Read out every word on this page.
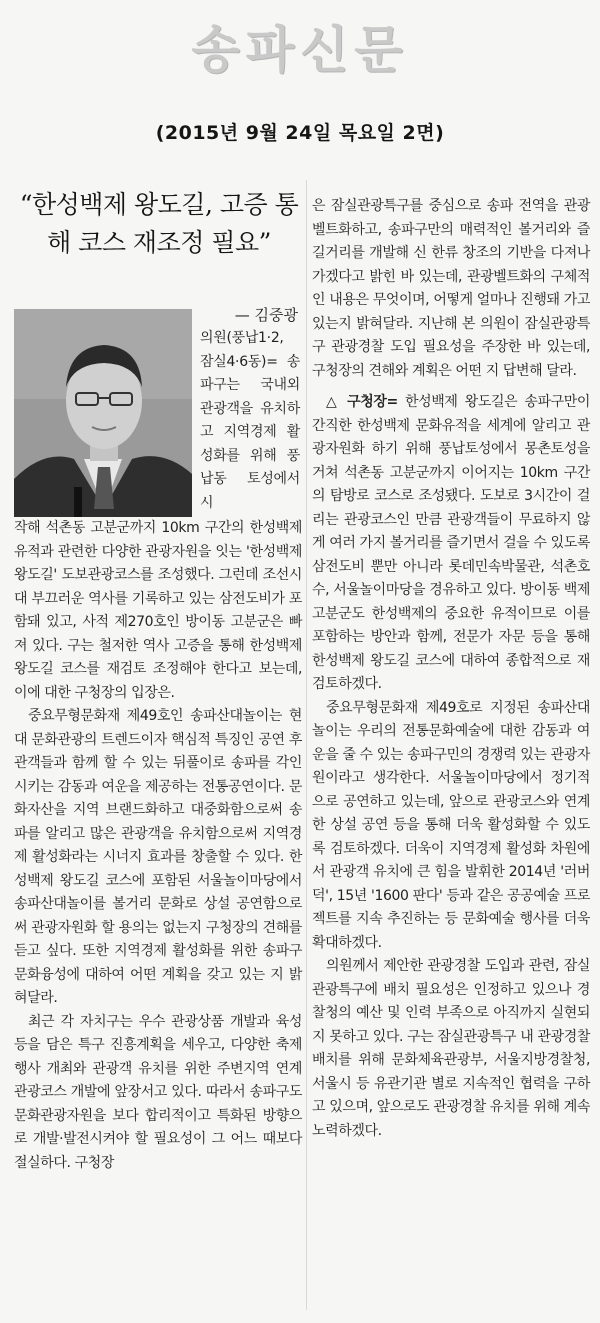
송파신문
(2015년 9월 24일 목요일 2면)
“한성백제 왕도길, 고증 통해 코스 재조정 필요”
— 김중광
의원(풍납1·2, 잠실4·6동)= 송파구는 국내외 관광객을 유치하고 지역경제 활성화를 위해 풍납동 토성에서 시

작해 석촌동 고분군까지 10km 구간의 한성백제유적과 관련한 다양한 관광자원을 잇는 '한성백제 왕도길' 도보관광코스를 조성했다. 그런데 조선시대 부끄러운 역사를 기록하고 있는 삼전도비가 포함돼 있고, 사적 제270호인 방이동 고분군은 빠져 있다. 구는 철저한 역사 고증을 통해 한성백제 왕도길 코스를 재검토 조정해야 한다고 보는데, 이에 대한 구청장의 입장은.

중요무형문화재 제49호인 송파산대놀이는 현대 문화관광의 트렌드이자 핵심적 특징인 공연 후 관객들과 함께 할 수 있는 뒤풀이로 송파를 각인시키는 감동과 여운을 제공하는 전통공연이다. 문화자산을 지역 브랜드화하고 대중화함으로써 송파를 알리고 많은 관광객을 유치함으로써 지역경제 활성화라는 시너지 효과를 창출할 수 있다. 한성백제 왕도길 코스에 포함된 서울놀이마당에서 송파산대놀이를 볼거리 문화로 상설 공연함으로써 관광자원화 할 용의는 없는지 구청장의 견해를 듣고 싶다. 또한 지역경제 활성화를 위한 송파구 문화융성에 대하여 어떤 계획을 갖고 있는 지 밝혀달라.

최근 각 자치구는 우수 관광상품 개발과 육성 등을 담은 특구 진흥계획을 세우고, 다양한 축제행사 개최와 관광객 유치를 위한 주변지역 연계 관광코스 개발에 앞장서고 있다. 따라서 송파구도 문화관광자원을 보다 합리적이고 특화된 방향으로 개발·발전시켜야 할 필요성이 그 어느 때보다 절실하다. 구청장

은 잠실관광특구를 중심으로 송파 전역을 관광벨트화하고, 송파구만의 매력적인 볼거리와 즐길거리를 개발해 신 한류 창조의 기반을 다져나가겠다고 밝힌 바 있는데, 관광벨트화의 구체적인 내용은 무엇이며, 어떻게 얼마나 진행돼 가고 있는지 밝혀달라. 지난해 본 의원이 잠실관광특구 관광경찰 도입 필요성을 주장한 바 있는데, 구청장의 견해와 계획은 어떤 지 답변해 달라.

△ 구청장= 한성백제 왕도길은 송파구만이 간직한 한성백제 문화유적을 세계에 알리고 관광자원화 하기 위해 풍납토성에서 몽촌토성을 거쳐 석촌동 고분군까지 이어지는 10km 구간의 탐방로 코스로 조성됐다. 도보로 3시간이 걸리는 관광코스인 만큼 관광객들이 무료하지 않게 여러 가지 볼거리를 즐기면서 걸을 수 있도록 삼전도비 뿐만 아니라 롯데민속박물관, 석촌호수, 서울놀이마당을 경유하고 있다. 방이동 백제고분군도 한성백제의 중요한 유적이므로 이를 포함하는 방안과 함께, 전문가 자문 등을 통해 한성백제 왕도길 코스에 대하여 종합적으로 재검토하겠다.

중요무형문화재 제49호로 지정된 송파산대놀이는 우리의 전통문화예술에 대한 감동과 여운을 줄 수 있는 송파구민의 경쟁력 있는 관광자원이라고 생각한다. 서울놀이마당에서 정기적으로 공연하고 있는데, 앞으로 관광코스와 연계한 상설 공연 등을 통해 더욱 활성화할 수 있도록 검토하겠다. 더욱이 지역경제 활성화 차원에서 관광객 유치에 큰 힘을 발휘한 2014년 '러버덕', 15년 '1600 판다' 등과 같은 공공예술 프로젝트를 지속 추진하는 등 문화예술 행사를 더욱 확대하겠다.

의원께서 제안한 관광경찰 도입과 관련, 잠실관광특구에 배치 필요성은 인정하고 있으나 경찰청의 예산 및 인력 부족으로 아직까지 실현되지 못하고 있다. 구는 잠실관광특구 내 관광경찰 배치를 위해 문화체육관광부, 서울지방경찰청, 서울시 등 유관기관 별로 지속적인 협력을 구하고 있으며, 앞으로도 관광경찰 유치를 위해 계속 노력하겠다.
